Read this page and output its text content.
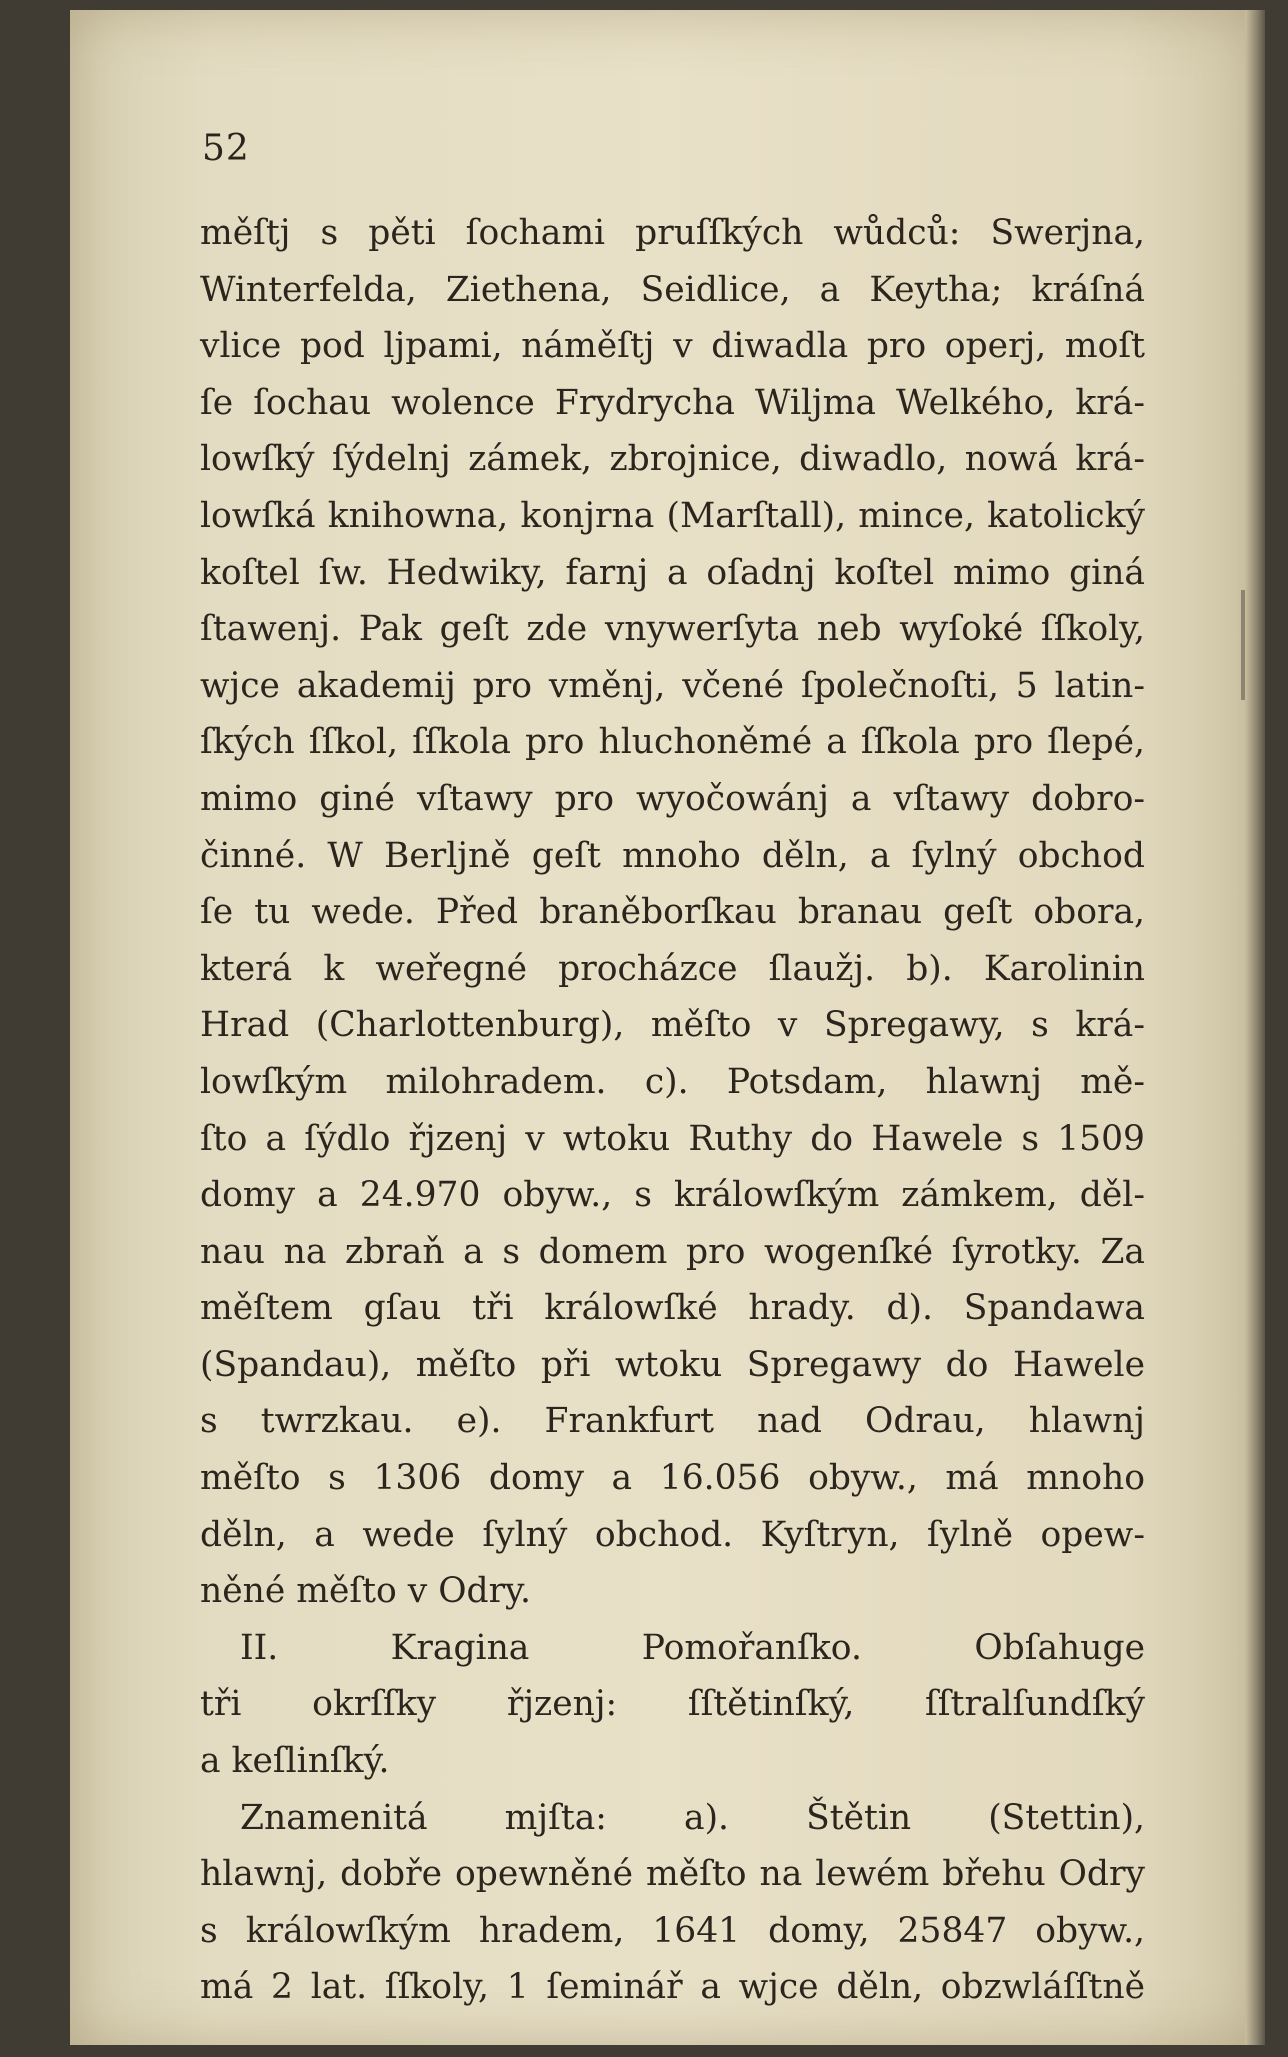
52
měſtj s pěti ſochami pruſſkých wůdců: Swerjna,
Winterfelda, Ziethena, Seidlice, a Keytha; kráſná
vlice pod ljpami, náměſtj v diwadla pro operj, moſt
ſe ſochau wolence Frydrycha Wiljma Welkého, krá-
lowſký ſýdelnj zámek, zbrojnice, diwadlo, nowá krá-
lowſká knihowna, konjrna (Marſtall), mince, katolický
koſtel ſw. Hedwiky, farnj a oſadnj koſtel mimo giná
ſtawenj. Pak geſt zde vnywerſyta neb wyſoké ſſkoly,
wjce akademij pro vměnj, včené ſpolečnoſti, 5 latin-
ſkých ſſkol, ſſkola pro hluchoněmé a ſſkola pro ſlepé,
mimo giné vſtawy pro wyočowánj a vſtawy dobro-
činné. W Berljně geſt mnoho děln, a ſylný obchod
ſe tu wede. Před braněborſkau branau geſt obora,
která k weřegné procházce ſlaužj. b). Karolinin
Hrad (Charlottenburg), měſto v Spregawy, s krá-
lowſkým milohradem. c). Potsdam, hlawnj mě-
ſto a ſýdlo řjzenj v wtoku Ruthy do Hawele s 1509
domy a 24.970 obyw., s králowſkým zámkem, děl-
nau na zbraň a s domem pro wogenſké ſyrotky. Za
měſtem gſau tři králowſké hrady. d). Spandawa
(Spandau), měſto při wtoku Spregawy do Hawele
s twrzkau. e). Frankfurt nad Odrau, hlawnj
měſto s 1306 domy a 16.056 obyw., má mnoho
děln, a wede ſylný obchod. Kyſtryn, ſylně opew-
něné měſto v Odry.
II. Kragina Pomořanſko. Obſahuge
tři okrſſky řjzenj: ſſtětinſký, ſſtralſundſký
a keſlinſký.
Znamenitá mjſta: a). Štětin (Stettin),
hlawnj, dobře opewněné měſto na lewém břehu Odry
s králowſkým hradem, 1641 domy, 25847 obyw.,
má 2 lat. ſſkoly, 1 ſeminář a wjce děln, obzwláſſtně
